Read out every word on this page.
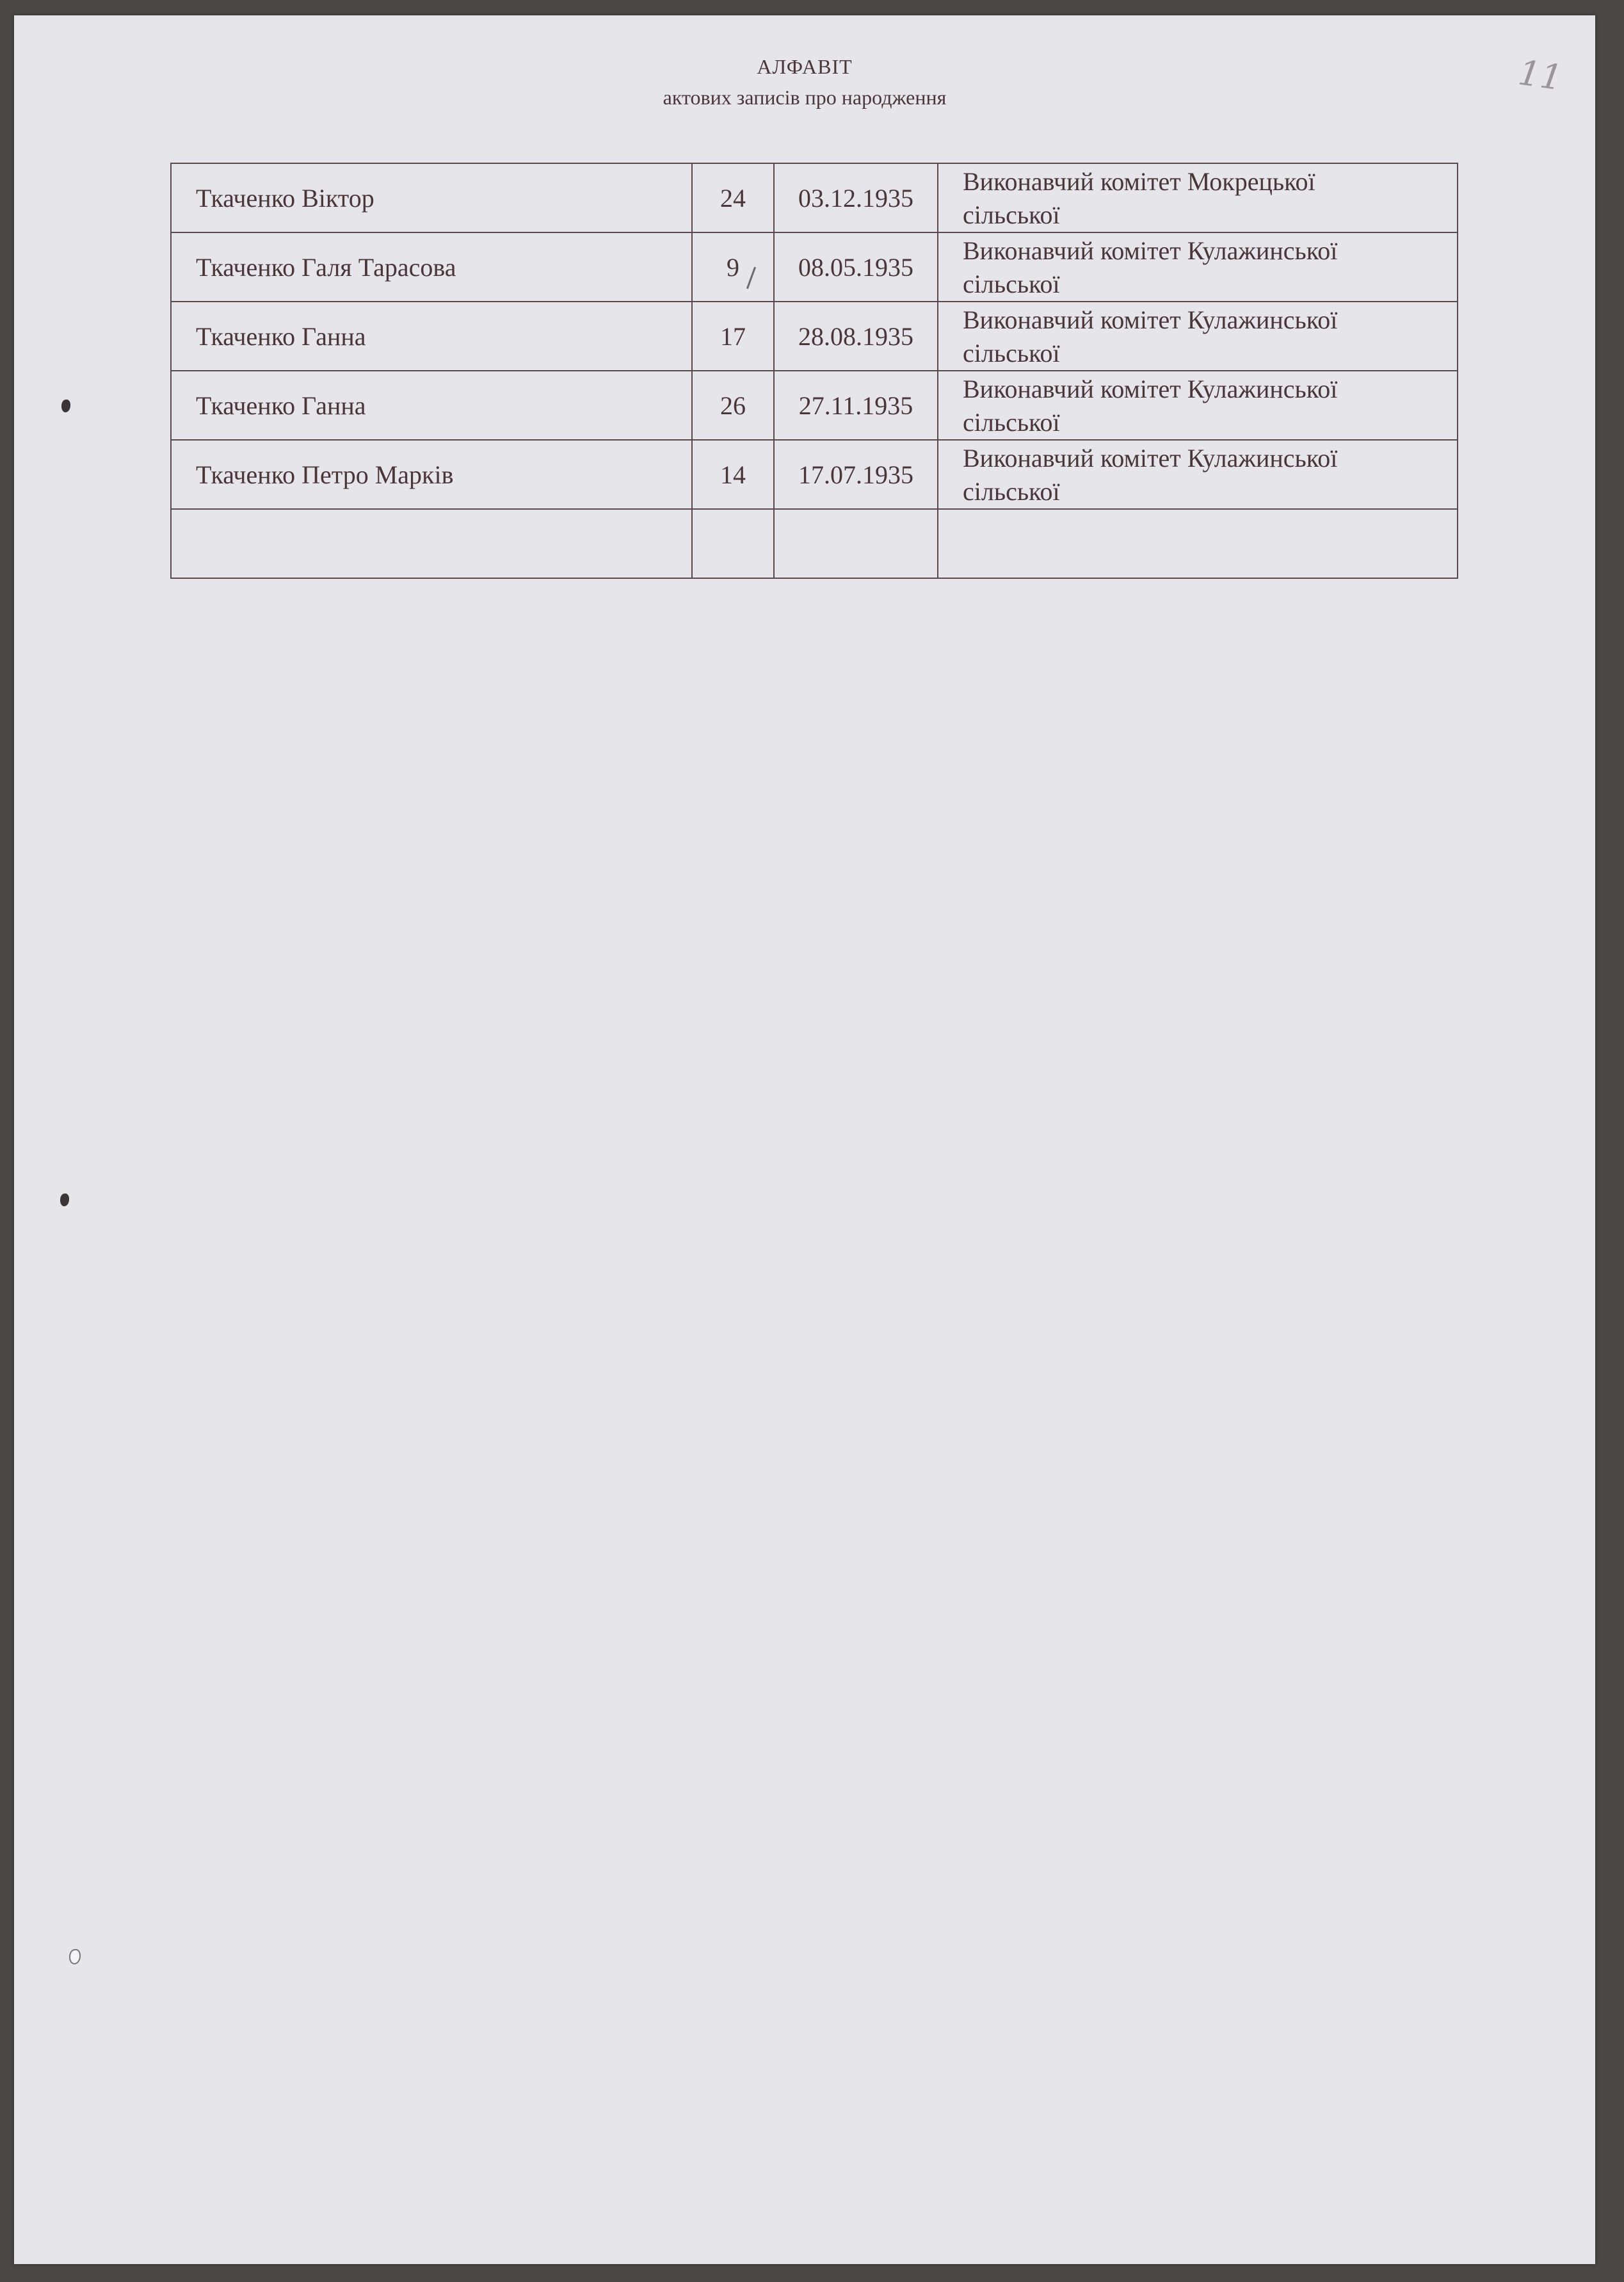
АЛФАВІТ
актових записів про народження	11
Ткаченко Віктор	24	03.12.1935	Виконавчий комітет Мокрецької
сільської

Ткаченко Галя Тарасова	9	08.05.1935	Виконавчий комітет Кулажинської
сільської

Ткаченко Ганна	17	28.08.1935	Виконавчий комітет Кулажинської
сільської

Ткаченко Ганна	26	27.11.1935	Виконавчий комітет Кулажинської
сільської

Ткаченко Петро Марків	14	17.07.1935	Виконавчий комітет Кулажинської
сільської
